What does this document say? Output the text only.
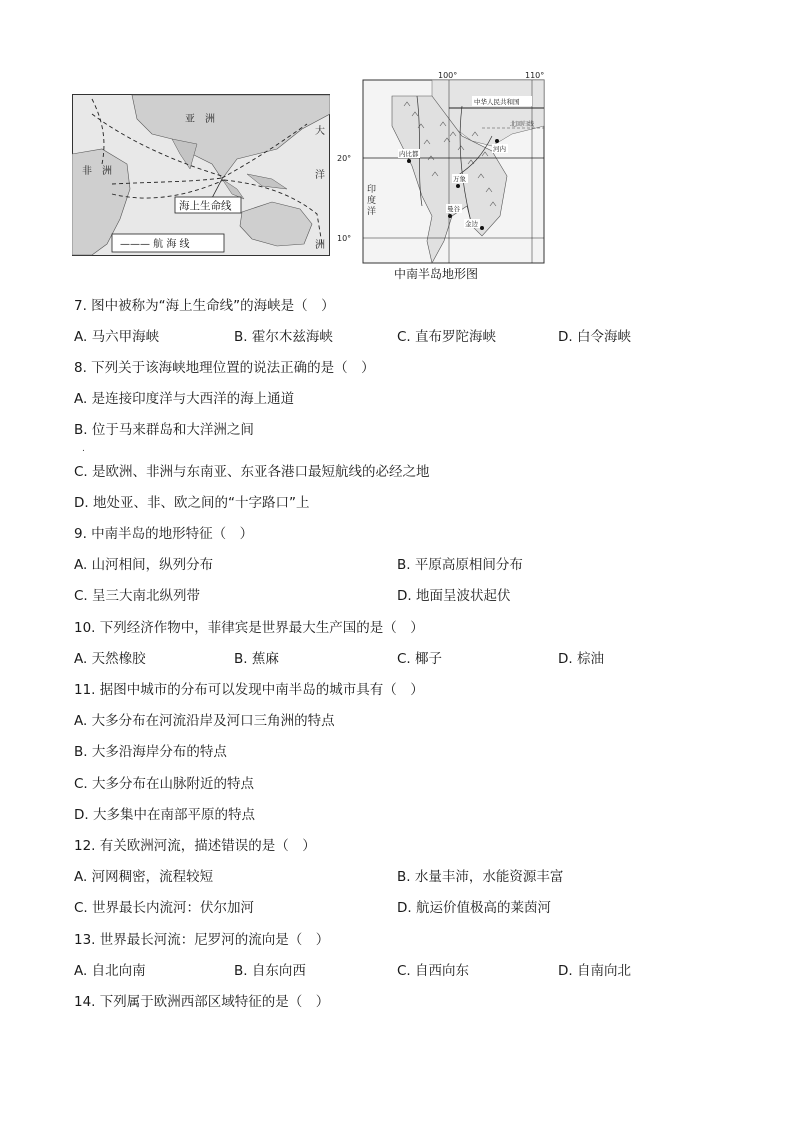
亚　洲
非　洲
大
洋
洲
海上生命线
——— 航 海 线
中华人民共和国
北回归线
100°	110°
20°
10°
印
度
洋
内比都
万象
河内
曼谷
金边
中南半岛地形图
7. 图中被称为“海上生命线”的海峡是（　）
A. 马六甲海峡	B. 霍尔木兹海峡	C. 直布罗陀海峡	D. 白令海峡
8. 下列关于该海峡地理位置的说法正确的是（　）
A. 是连接印度洋与大西洋的海上通道
B. 位于马来群岛和大洋洲之间
.
C. 是欧洲、非洲与东南亚、东亚各港口最短航线的必经之地
D. 地处亚、非、欧之间的“十字路口”上
9. 中南半岛的地形特征（　）
A. 山河相间，纵列分布	B. 平原高原相间分布
C. 呈三大南北纵列带	D. 地面呈波状起伏
10. 下列经济作物中，菲律宾是世界最大生产国的是（　）
A. 天然橡胶	B. 蕉麻	C. 椰子	D. 棕油
11. 据图中城市的分布可以发现中南半岛的城市具有（　）
A. 大多分布在河流沿岸及河口三角洲的特点
B. 大多沿海岸分布的特点
C. 大多分布在山脉附近的特点
D. 大多集中在南部平原的特点
12. 有关欧洲河流，描述错误的是（　）
A. 河网稠密，流程较短	B. 水量丰沛，水能资源丰富
C. 世界最长内流河：伏尔加河	D. 航运价值极高的莱茵河
13. 世界最长河流：尼罗河的流向是（　）
A. 自北向南	B. 自东向西	C. 自西向东	D. 自南向北
14. 下列属于欧洲西部区域特征的是（　）
